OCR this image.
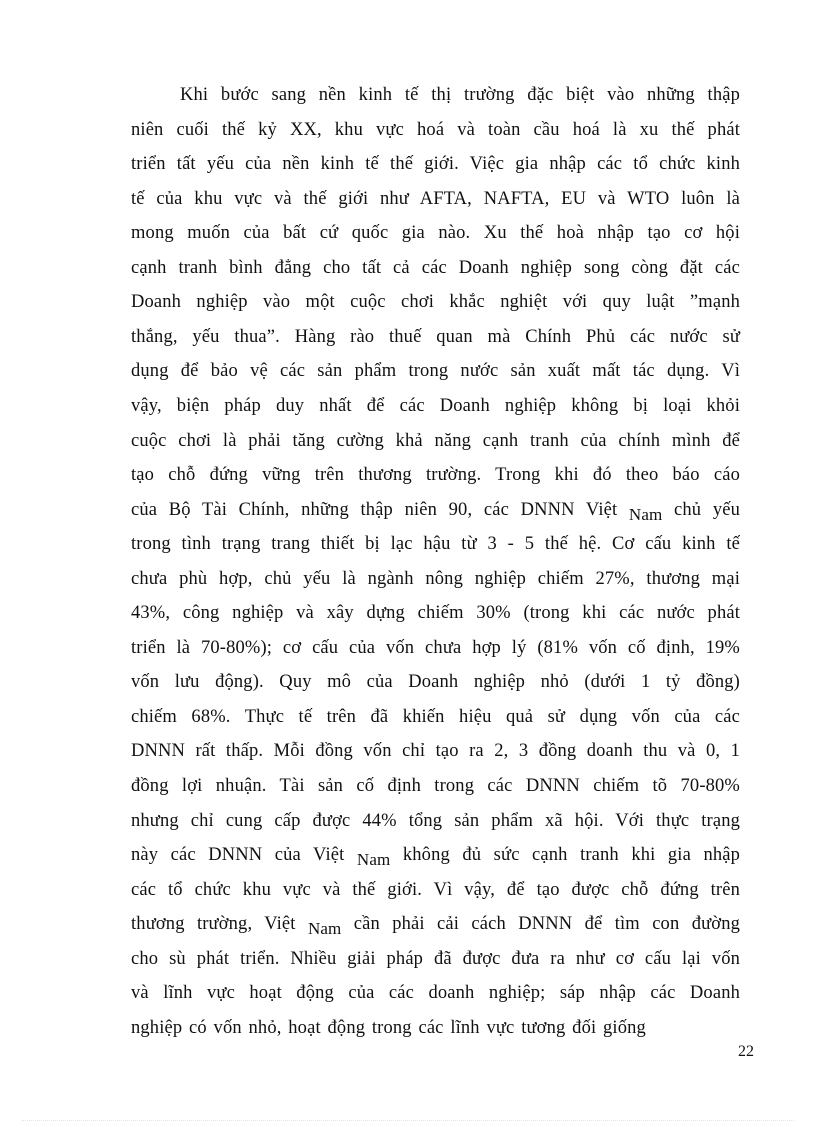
Khi bước sang nền kinh tế thị trường đặc biệt vào những thập

niên cuối thế kỷ XX, khu vực hoá và toàn cầu hoá là xu thế phát

triển tất yếu của nền kinh tế thế giới. Việc gia nhập các tổ chức kinh

tế của khu vực và thế giới như AFTA, NAFTA, EU và WTO luôn là

mong muốn của bất cứ quốc gia nào. Xu thế hoà nhập tạo cơ hội

cạnh tranh bình đẳng cho tất cả các Doanh nghiệp song còng đặt các

Doanh nghiệp vào một cuộc chơi khắc nghiệt với quy luật ”mạnh

thắng, yếu thua”. Hàng rào thuế quan mà Chính Phủ các nước sử

dụng để bảo vệ các sản phẩm trong nước sản xuất mất tác dụng. Vì

vậy, biện pháp duy nhất để các Doanh nghiệp không bị loại khỏi

cuộc chơi là phải tăng cường khả năng cạnh tranh của chính mình để

tạo chỗ đứng vững trên thương trường. Trong khi đó theo báo cáo

của Bộ Tài Chính, những thập niên 90, các DNNN Việt Nam chủ yếu

trong tình trạng trang thiết bị lạc hậu từ 3 - 5 thế hệ. Cơ cấu kinh tế

chưa phù hợp, chủ yếu là ngành nông nghiệp chiếm 27%, thương mại

43%, công nghiệp và xây dựng chiếm 30% (trong khi các nước phát

triển là 70-80%); cơ cấu của vốn chưa hợp lý (81% vốn cố định, 19%

vốn lưu động). Quy mô của Doanh nghiệp nhỏ (dưới 1 tỷ đồng)

chiếm 68%. Thực tế trên đã khiến hiệu quả sử dụng vốn của các

DNNN rất thấp. Mỗi đồng vốn chỉ tạo ra 2, 3 đồng doanh thu và 0, 1

đồng lợi nhuận. Tài sản cố định trong các DNNN chiếm tõ 70-80%

nhưng chỉ cung cấp được 44% tổng sản phẩm xã hội. Với thực trạng

này các DNNN của Việt Nam không đủ sức cạnh tranh khi gia nhập

các tổ chức khu vực và thế giới. Vì vậy, để tạo được chỗ đứng trên

thương trường, Việt Nam cần phải cải cách DNNN để tìm con đường

cho sù phát triển. Nhiều giải pháp đã được đưa ra như cơ cấu lại vốn

và lĩnh vực hoạt động của các doanh nghiệp; sáp nhập các Doanh

nghiệp có vốn nhỏ, hoạt động trong các lĩnh vực tương đối giống

22
